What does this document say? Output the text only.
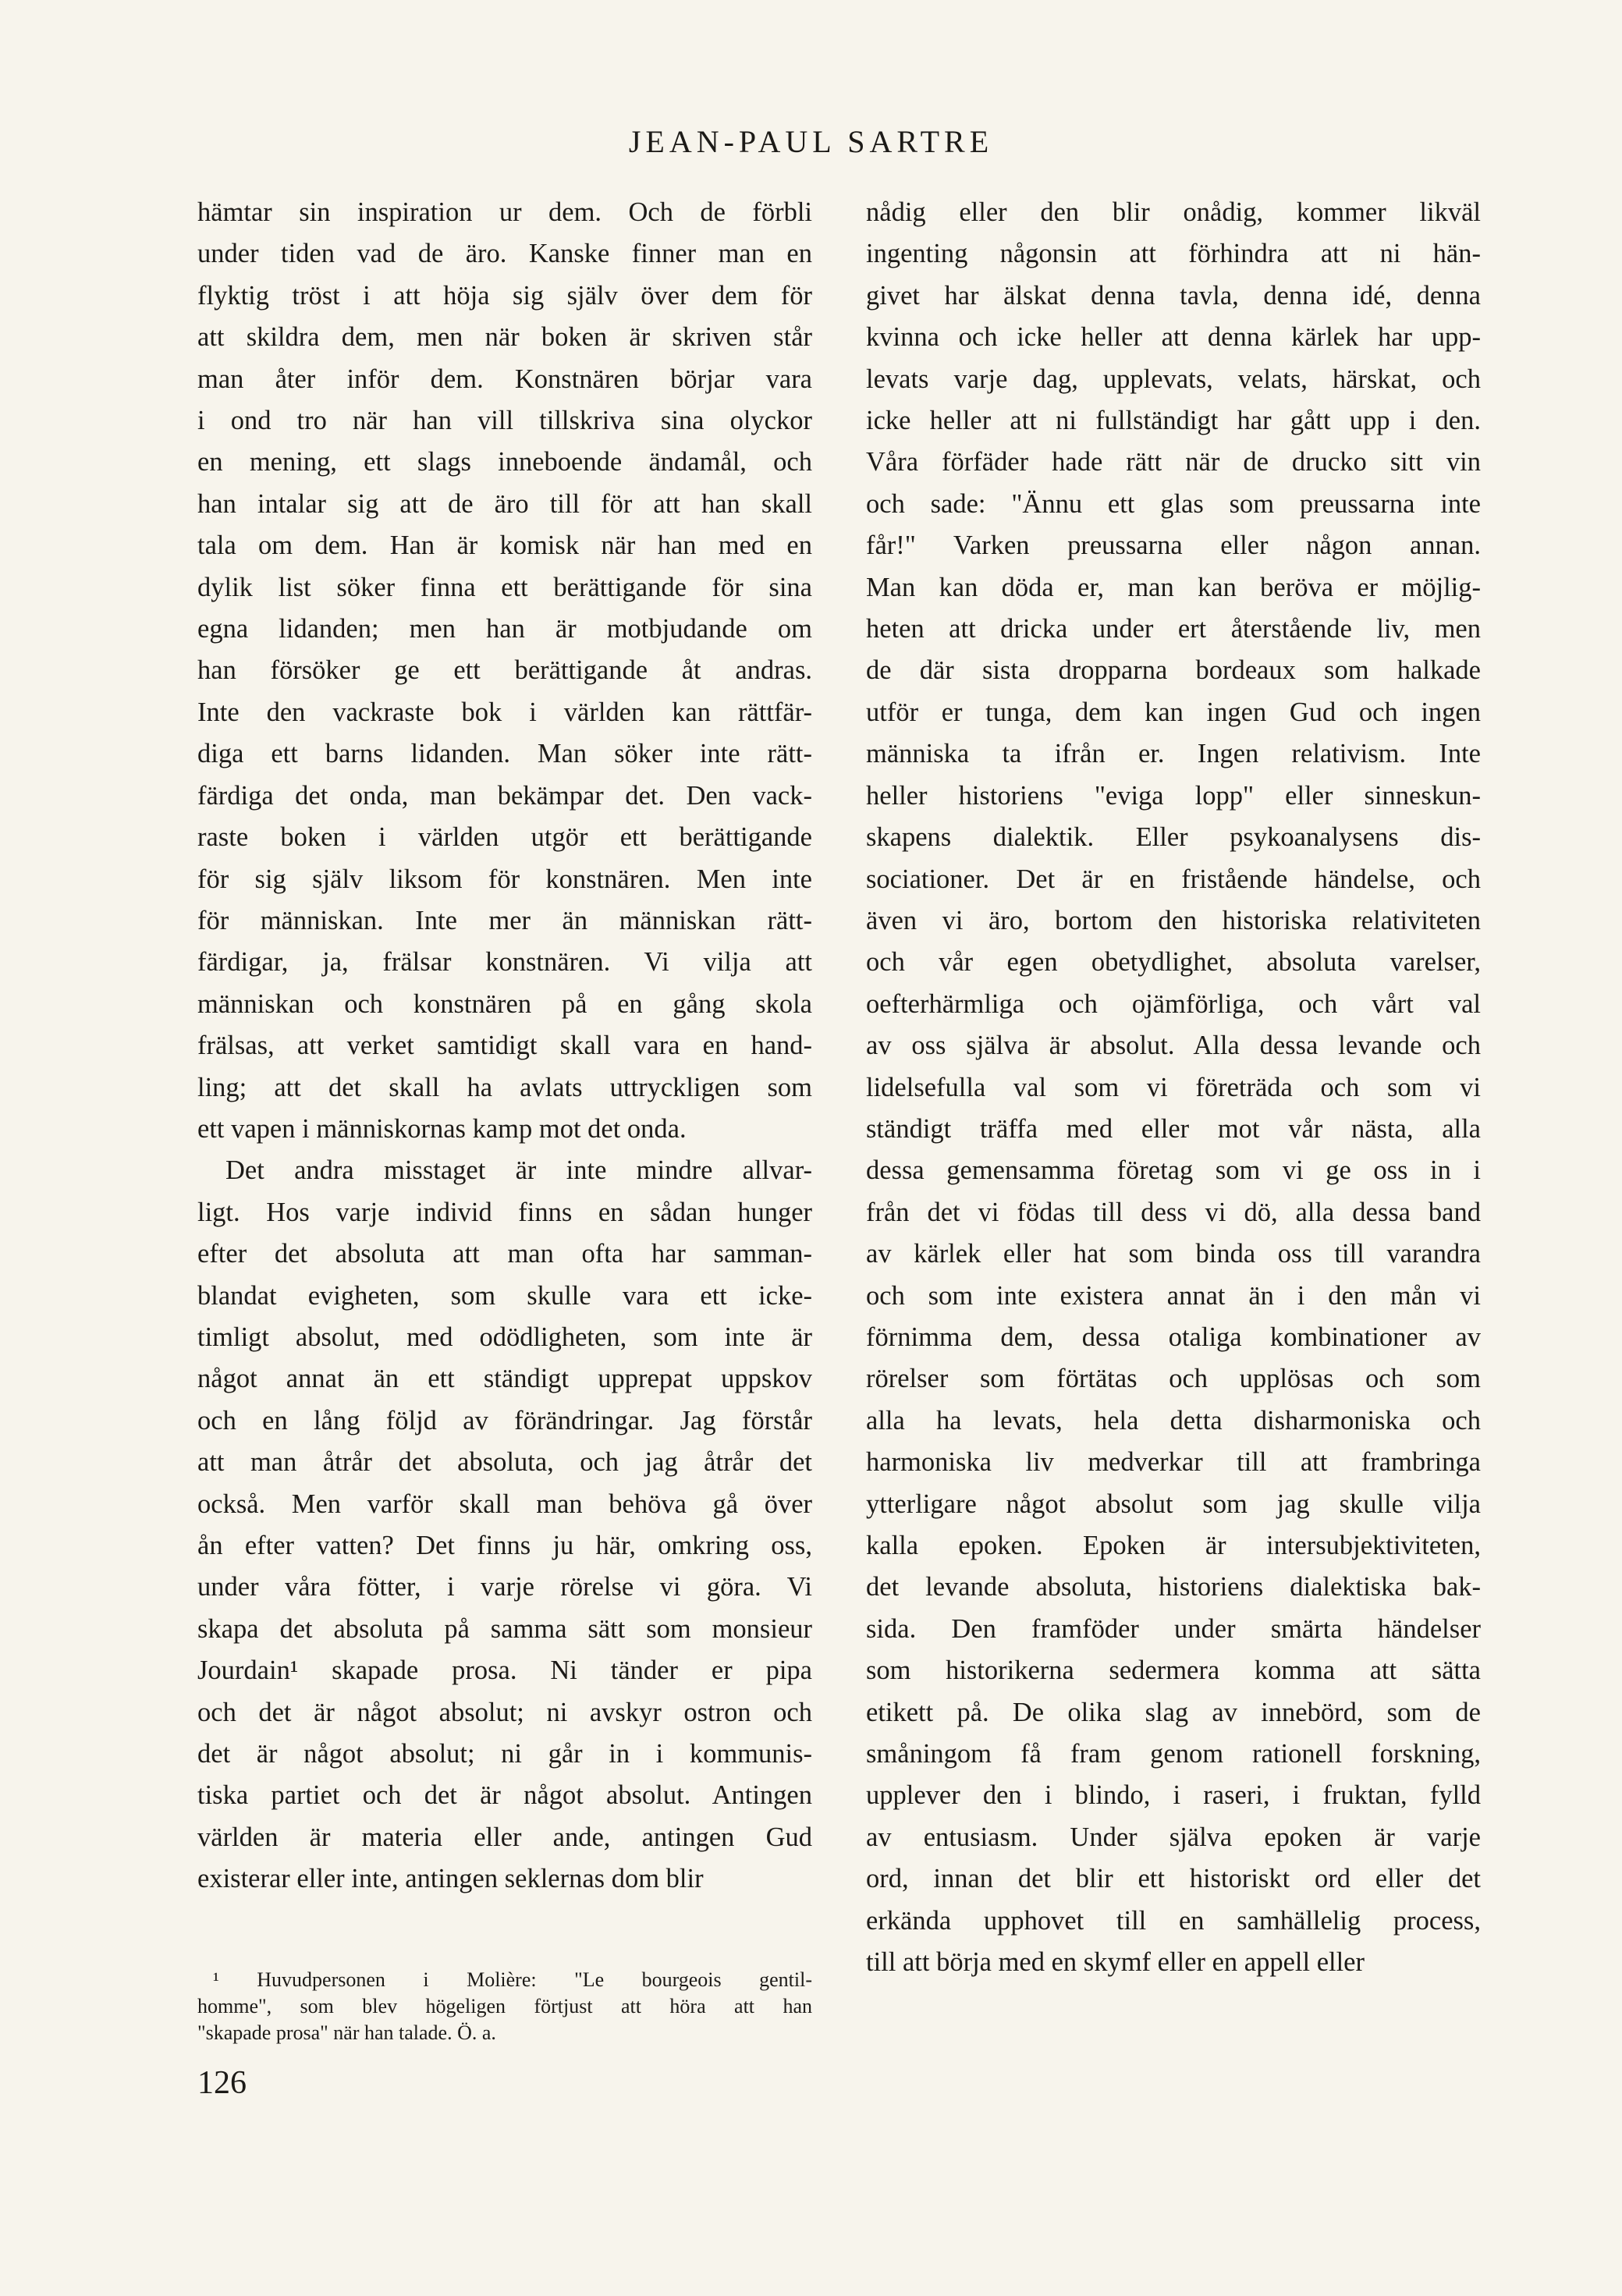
JEAN-PAUL SARTRE
hämtar sin inspiration ur dem. Och de förbli
under tiden vad de äro. Kanske finner man en
flyktig tröst i att höja sig själv över dem för
att skildra dem, men när boken är skriven står
man åter inför dem. Konstnären börjar vara
i ond tro när han vill tillskriva sina olyckor
en mening, ett slags inneboende ändamål, och
han intalar sig att de äro till för att han skall
tala om dem. Han är komisk när han med en
dylik list söker finna ett berättigande för sina
egna lidanden; men han är motbjudande om
han försöker ge ett berättigande åt andras.
Inte den vackraste bok i världen kan rättfär-
diga ett barns lidanden. Man söker inte rätt-
färdiga det onda, man bekämpar det. Den vack-
raste boken i världen utgör ett berättigande
för sig själv liksom för konstnären. Men inte
för människan. Inte mer än människan rätt-
färdigar, ja, frälsar konstnären. Vi vilja att
människan och konstnären på en gång skola
frälsas, att verket samtidigt skall vara en hand-
ling; att det skall ha avlats uttryckligen som
ett vapen i människornas kamp mot det onda.
Det andra misstaget är inte mindre allvar-
ligt. Hos varje individ finns en sådan hunger
efter det absoluta att man ofta har samman-
blandat evigheten, som skulle vara ett icke-
timligt absolut, med odödligheten, som inte är
något annat än ett ständigt upprepat uppskov
och en lång följd av förändringar. Jag förstår
att man åtrår det absoluta, och jag åtrår det
också. Men varför skall man behöva gå över
ån efter vatten? Det finns ju här, omkring oss,
under våra fötter, i varje rörelse vi göra. Vi
skapa det absoluta på samma sätt som monsieur
Jourdain¹ skapade prosa. Ni tänder er pipa
och det är något absolut; ni avskyr ostron och
det är något absolut; ni går in i kommunis-
tiska partiet och det är något absolut. Antingen
världen är materia eller ande, antingen Gud
existerar eller inte, antingen seklernas dom blir
nådig eller den blir onådig, kommer likväl
ingenting någonsin att förhindra att ni hän-
givet har älskat denna tavla, denna idé, denna
kvinna och icke heller att denna kärlek har upp-
levats varje dag, upplevats, velats, härskat, och
icke heller att ni fullständigt har gått upp i den.
Våra förfäder hade rätt när de drucko sitt vin
och sade: "Ännu ett glas som preussarna inte
får!" Varken preussarna eller någon annan.
Man kan döda er, man kan beröva er möjlig-
heten att dricka under ert återstående liv, men
de där sista dropparna bordeaux som halkade
utför er tunga, dem kan ingen Gud och ingen
människa ta ifrån er. Ingen relativism. Inte
heller historiens "eviga lopp" eller sinneskun-
skapens dialektik. Eller psykoanalysens dis-
sociationer. Det är en fristående händelse, och
även vi äro, bortom den historiska relativiteten
och vår egen obetydlighet, absoluta varelser,
oefterhärmliga och ojämförliga, och vårt val
av oss själva är absolut. Alla dessa levande och
lidelsefulla val som vi företräda och som vi
ständigt träffa med eller mot vår nästa, alla
dessa gemensamma företag som vi ge oss in i
från det vi födas till dess vi dö, alla dessa band
av kärlek eller hat som binda oss till varandra
och som inte existera annat än i den mån vi
förnimma dem, dessa otaliga kombinationer av
rörelser som förtätas och upplösas och som
alla ha levats, hela detta disharmoniska och
harmoniska liv medverkar till att frambringa
ytterligare något absolut som jag skulle vilja
kalla epoken. Epoken är intersubjektiviteten,
det levande absoluta, historiens dialektiska bak-
sida. Den framföder under smärta händelser
som historikerna sedermera komma att sätta
etikett på. De olika slag av innebörd, som de
småningom få fram genom rationell forskning,
upplever den i blindo, i raseri, i fruktan, fylld
av entusiasm. Under själva epoken är varje
ord, innan det blir ett historiskt ord eller det
erkända upphovet till en samhällelig process,
till att börja med en skymf eller en appell eller
¹ Huvudpersonen i Molière: "Le bourgeois gentil-
homme", som blev högeligen förtjust att höra att han
"skapade prosa" när han talade. Ö. a.
126
